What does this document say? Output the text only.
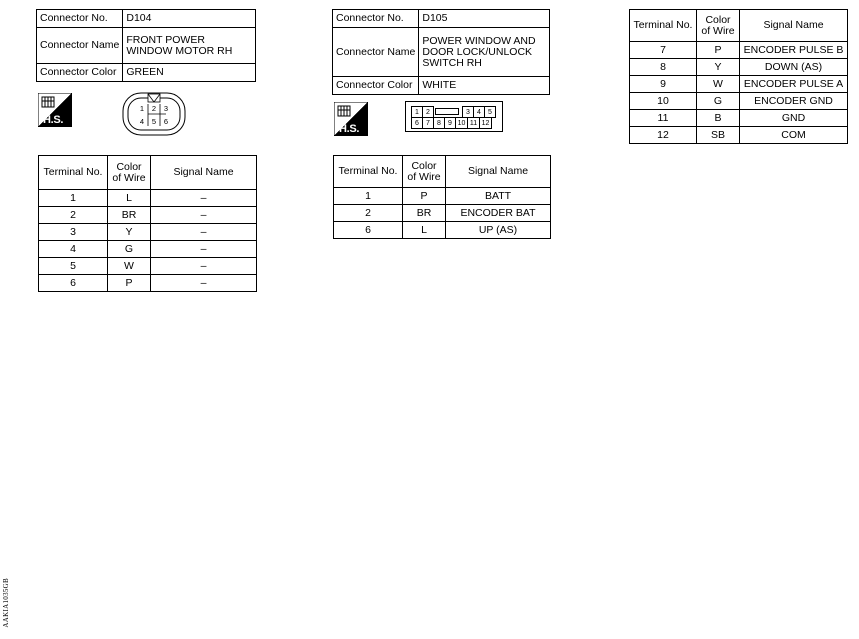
Connector No.	D104
Connector Name	FRONT POWER WINDOW MOTOR RH
Connector Color	GREEN
H.S.
1	2	3
4	5	6
Terminal No.	Color of Wire	Signal Name
1	L	–
2	BR	–
3	Y	–
4	G	–
5	W	–
6	P	–
Connector No.	D105
Connector Name	POWER WINDOW AND DOOR LOCK/UNLOCK SWITCH RH
Connector Color	WHITE
H.S.
1	2	3	4	5
6	7	8	9 10 11 12
Terminal No.	Color of Wire	Signal Name
1	P	BATT
2	BR	ENCODER BAT
6	L	UP (AS)
Terminal No.	Color of Wire	Signal Name
7	P	ENCODER PULSE B
8	Y	DOWN (AS)
9	W	ENCODER PULSE A
10	G	ENCODER GND
11	B	GND
12	SB	COM
AAKIA1035GB
